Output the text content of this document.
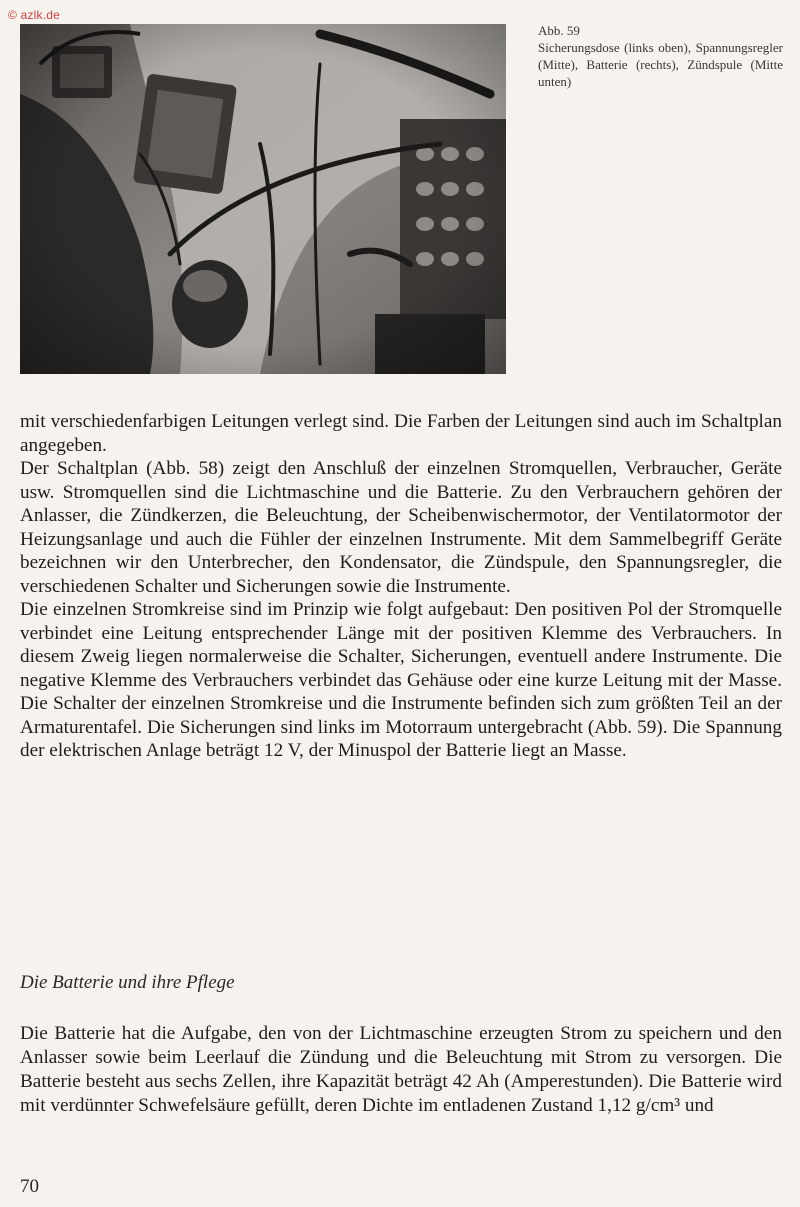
© azlk.de
Abb. 59
Sicherungsdose (links oben), Spannungsregler (Mitte), Batterie (rechts), Zündspule (Mitte unten)

mit verschiedenfarbigen Leitungen verlegt sind. Die Farben der Leitungen sind auch im Schaltplan angegeben.

Der Schaltplan (Abb. 58) zeigt den Anschluß der einzelnen Stromquellen, Verbraucher, Geräte usw. Stromquellen sind die Lichtmaschine und die Batterie. Zu den Verbrauchern gehören der Anlasser, die Zündkerzen, die Beleuchtung, der Scheibenwischermotor, der Ventilatormotor der Heizungsanlage und auch die Fühler der einzelnen Instrumente. Mit dem Sammelbegriff Geräte bezeichnen wir den Unterbrecher, den Kondensator, die Zündspule, den Spannungsregler, die verschiedenen Schalter und Sicherungen sowie die Instrumente.

Die einzelnen Stromkreise sind im Prinzip wie folgt aufgebaut: Den positiven Pol der Stromquelle verbindet eine Leitung entsprechender Länge mit der positiven Klemme des Verbrauchers. In diesem Zweig liegen normalerweise die Schalter, Sicherungen, eventuell andere Instrumente. Die negative Klemme des Verbrauchers verbindet das Gehäuse oder eine kurze Leitung mit der Masse. Die Schalter der einzelnen Stromkreise und die Instrumente befinden sich zum größten Teil an der Armaturentafel. Die Sicherungen sind links im Motorraum untergebracht (Abb. 59). Die Spannung der elektrischen Anlage beträgt 12 V, der Minuspol der Batterie liegt an Masse.

Die Batterie und ihre Pflege

Die Batterie hat die Aufgabe, den von der Lichtmaschine erzeugten Strom zu speichern und den Anlasser sowie beim Leerlauf die Zündung und die Beleuchtung mit Strom zu versorgen. Die Batterie besteht aus sechs Zellen, ihre Kapazität beträgt 42 Ah (Amperestunden). Die Batterie wird mit verdünnter Schwefelsäure gefüllt, deren Dichte im entladenen Zustand 1,12 g/cm³ und

70
